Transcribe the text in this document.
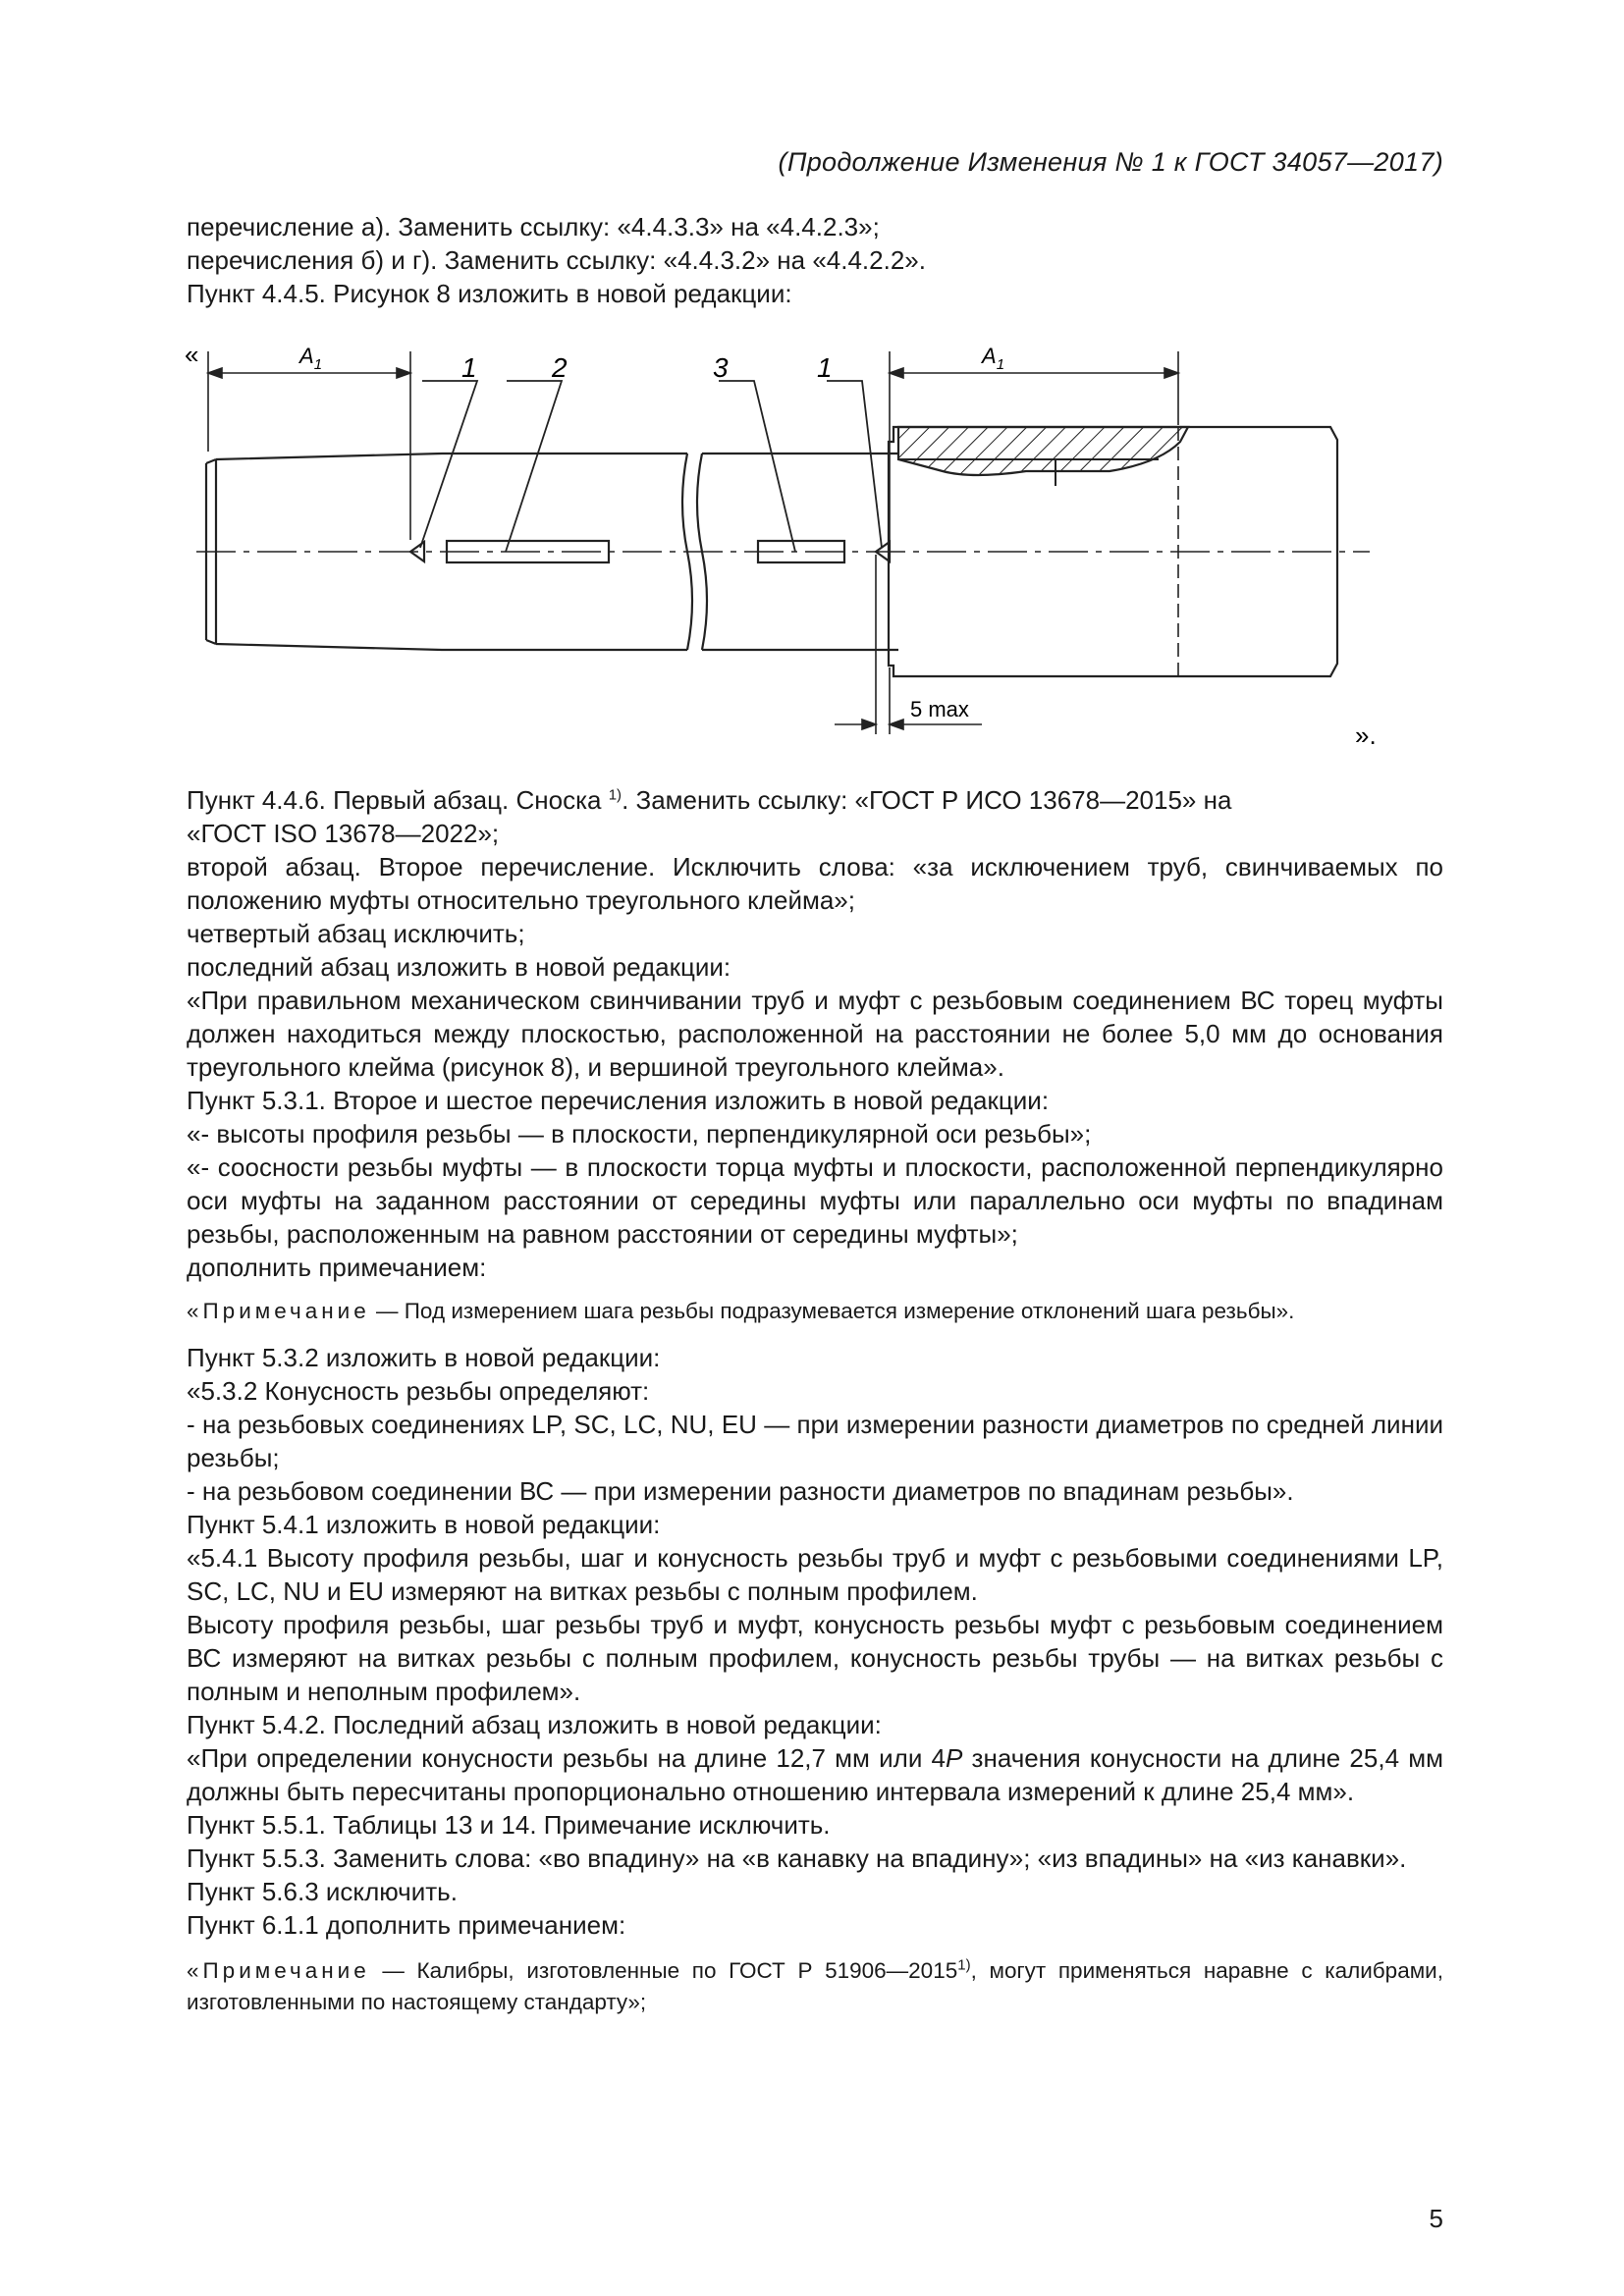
(Продолжение Изменения № 1 к ГОСТ 34057—2017)
перечисление а). Заменить ссылку: «4.4.3.3» на «4.4.2.3»;
перечисления б) и г). Заменить ссылку: «4.4.3.2» на «4.4.2.2».
Пункт 4.4.5. Рисунок 8 изложить в новой редакции:
«
».
1	2	3	1
$A_1$	$A_1$
5 max
Пункт 4.4.6. Первый абзац. Сноска $^{1)}$. Заменить ссылку: «ГОСТ Р ИСО 13678—2015» на
«ГОСТ ISO 13678—2022»;
второй абзац. Второе перечисление. Исключить слова: «за исключением труб, свинчиваемых по положению муфты относительно треугольного клейма»;
четвертый абзац исключить;
последний абзац изложить в новой редакции:
«При правильном механическом свинчивании труб и муфт с резьбовым соединением ВС торец муфты должен находиться между плоскостью, расположенной на расстоянии не более 5,0 мм до основания треугольного клейма (рисунок 8), и вершиной треугольного клейма».
Пункт 5.3.1. Второе и шестое перечисления изложить в новой редакции:
«- высоты профиля резьбы — в плоскости, перпендикулярной оси резьбы»;
«- соосности резьбы муфты — в плоскости торца муфты и плоскости, расположенной перпендикулярно оси муфты на заданном расстоянии от середины муфты или параллельно оси муфты по впадинам резьбы, расположенным на равном расстоянии от середины муфты»;
дополнить примечанием:
«Примечание — Под измерением шага резьбы подразумевается измерение отклонений шага резьбы».
Пункт 5.3.2 изложить в новой редакции:
«5.3.2 Конусность резьбы определяют:
- на резьбовых соединениях LP, SC, LC, NU, EU — при измерении разности диаметров по средней линии резьбы;
- на резьбовом соединении ВС — при измерении разности диаметров по впадинам резьбы».
Пункт 5.4.1 изложить в новой редакции:
«5.4.1 Высоту профиля резьбы, шаг и конусность резьбы труб и муфт с резьбовыми соединениями LP, SC, LC, NU и EU измеряют на витках резьбы с полным профилем.
Высоту профиля резьбы, шаг резьбы труб и муфт, конусность резьбы муфт с резьбовым соединением ВС измеряют на витках резьбы с полным профилем, конусность резьбы трубы — на витках резьбы с полным и неполным профилем».
Пункт 5.4.2. Последний абзац изложить в новой редакции:
«При определении конусности резьбы на длине 12,7 мм или 4P значения конусности на длине 25,4 мм должны быть пересчитаны пропорционально отношению интервала измерений к длине 25,4 мм».
Пункт 5.5.1. Таблицы 13 и 14. Примечание исключить.
Пункт 5.5.3. Заменить слова: «во впадину» на «в канавку на впадину»; «из впадины» на «из канавки».
Пункт 5.6.3 исключить.
Пункт 6.1.1 дополнить примечанием:
«Примечание — Калибры, изготовленные по ГОСТ Р 51906—2015$^{1)}$, могут применяться наравне с калибрами, изготовленными по настоящему стандарту»;
5
